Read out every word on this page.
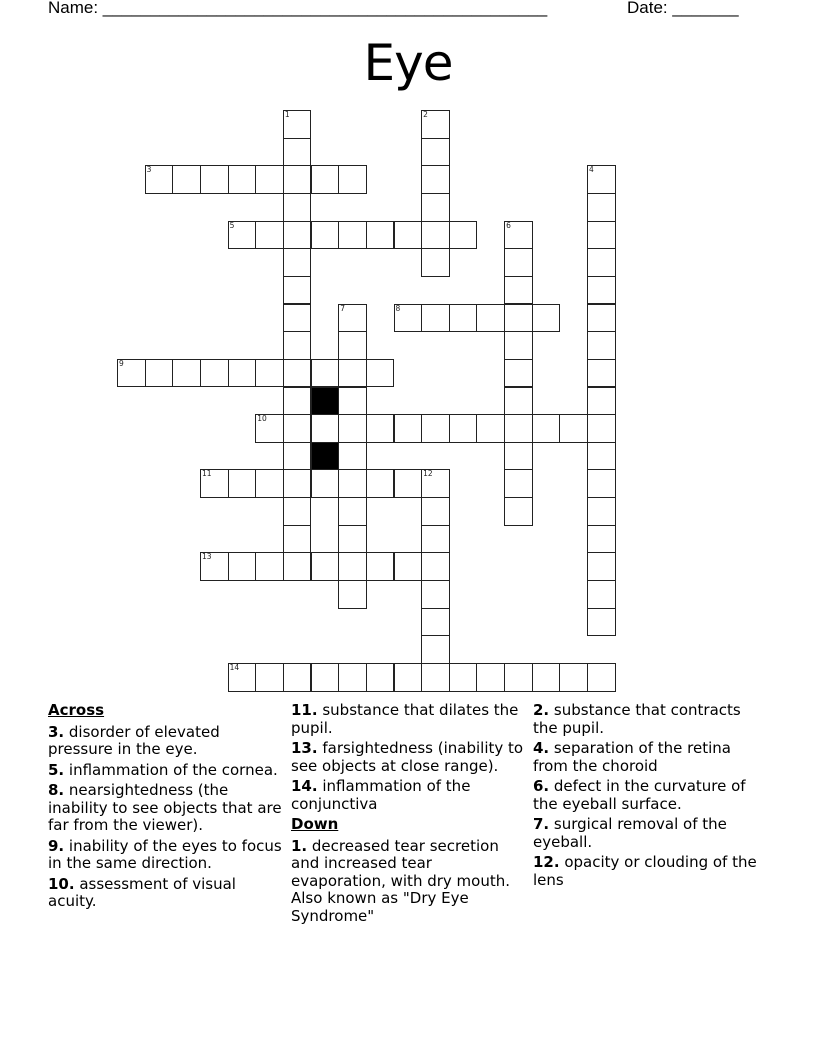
Name: _______________________________________________	Date: _______
Eye
1	2
3	4
5	6
7	8
9
10
11	12
13
14
Across
3. disorder of elevated pressure in the eye.
5. inflammation of the cornea.
8. nearsightedness (the inability to see objects that are far from the viewer).
9. inability of the eyes to focus in the same direction.
10. assessment of visual acuity.
11. substance that dilates the pupil.
13. farsightedness (inability to see objects at close range).
14. inflammation of the conjunctiva
Down
1. decreased tear secretion and increased tear evaporation, with dry mouth. Also known as "Dry Eye Syndrome"
2. substance that contracts the pupil.
4. separation of the retina from the choroid
6. defect in the curvature of the eyeball surface.
7. surgical removal of the eyeball.
12. opacity or clouding of the lens
